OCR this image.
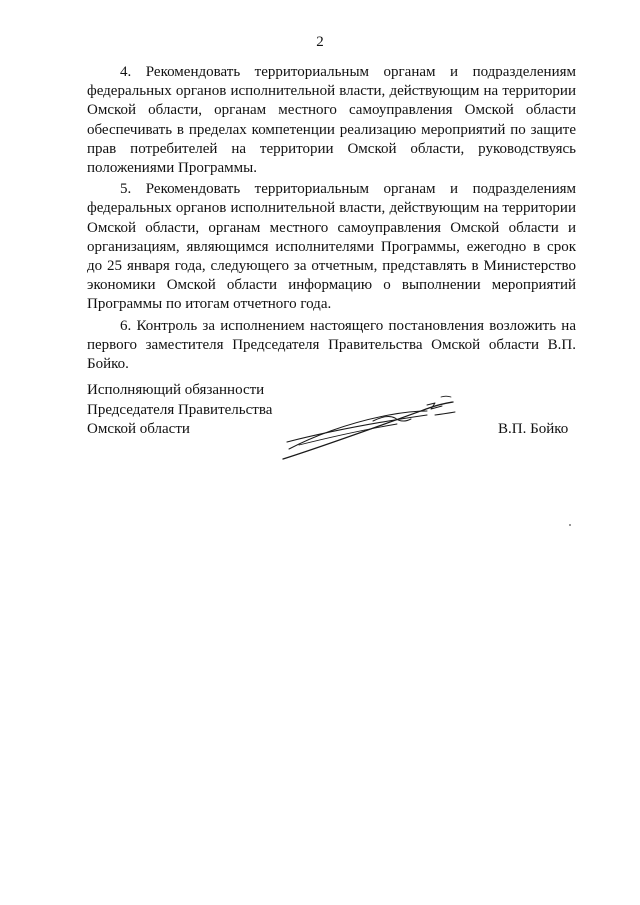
2

4. Рекомендовать территориальным органам и подразделениям федеральных органов исполнительной власти, действующим на территории Омской области, органам местного самоуправления Омской области обеспечивать в пределах компетенции реализацию мероприятий по защите прав потребителей на территории Омской области, руководствуясь положениями Программы.

5. Рекомендовать территориальным органам и подразделениям федеральных органов исполнительной власти, действующим на территории Омской области, органам местного самоуправления Омской области и организациям, являющимся исполнителями Программы, ежегодно в срок до 25 января года, следующего за отчетным, представлять в Министерство экономики Омской области информацию о выполнении мероприятий Программы по итогам отчетного года.

6. Контроль за исполнением настоящего постановления возложить на первого заместителя Председателя Правительства Омской области В.П. Бойко.

Исполняющий обязанности
Председателя Правительства
Омской области	В.П. Бойко
